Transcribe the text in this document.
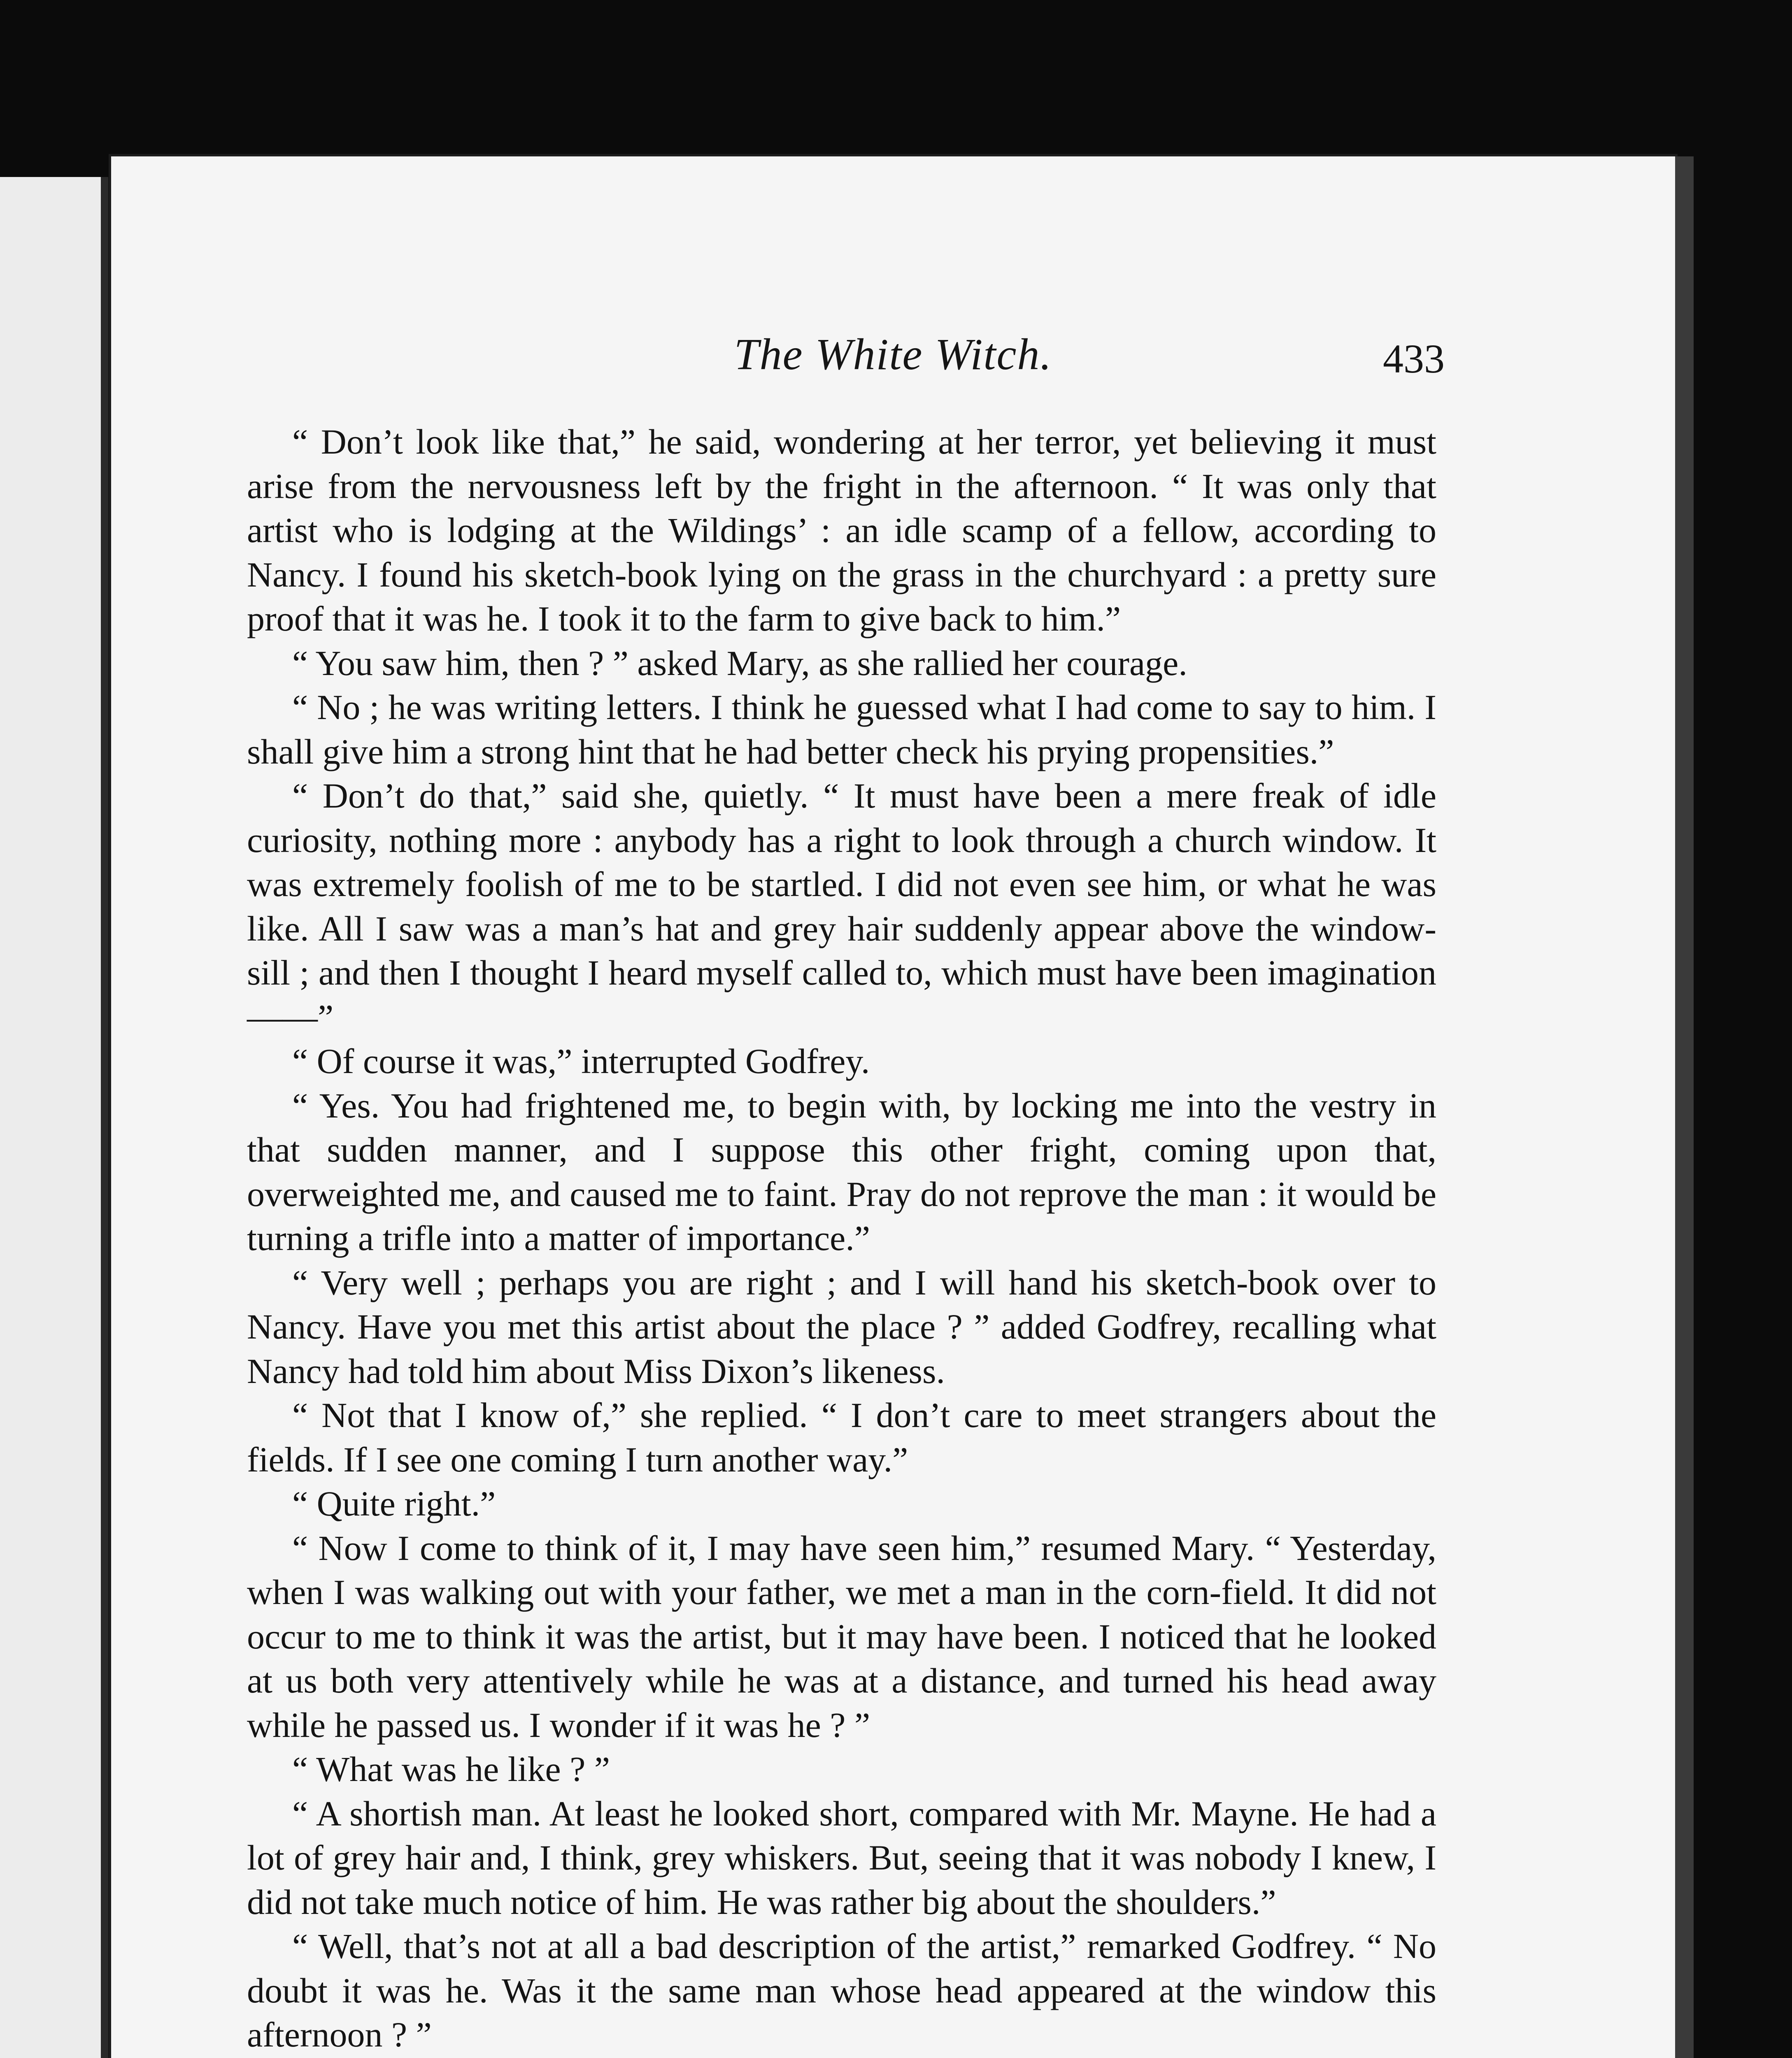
The White Witch.	433

“ Don’t look like that,” he said, wondering at her terror, yet believing it must arise from the nervousness left by the fright in the afternoon. “ It was only that artist who is lodging at the Wildings’ : an idle scamp of a fellow, according to Nancy. I found his sketch-book lying on the grass in the churchyard : a pretty sure proof that it was he. I took it to the farm to give back to him.”

“ You saw him, then ? ” asked Mary, as she rallied her courage.

“ No ; he was writing letters. I think he guessed what I had come to say to him. I shall give him a strong hint that he had better check his prying propensities.”

“ Don’t do that,” said she, quietly. “ It must have been a mere freak of idle curiosity, nothing more : anybody has a right to look through a church window. It was extremely foolish of me to be startled. I did not even see him, or what he was like. All I saw was a man’s hat and grey hair suddenly appear above the window-sill ; and then I thought I heard myself called to, which must have been imagination ——”

“ Of course it was,” interrupted Godfrey.

“ Yes. You had frightened me, to begin with, by locking me into the vestry in that sudden manner, and I suppose this other fright, coming upon that, overweighted me, and caused me to faint. Pray do not reprove the man : it would be turning a trifle into a matter of importance.”

“ Very well ; perhaps you are right ; and I will hand his sketch-book over to Nancy. Have you met this artist about the place ? ” added Godfrey, recalling what Nancy had told him about Miss Dixon’s likeness.

“ Not that I know of,” she replied. “ I don’t care to meet strangers about the fields. If I see one coming I turn another way.”

“ Quite right.”

“ Now I come to think of it, I may have seen him,” resumed Mary. “ Yesterday, when I was walking out with your father, we met a man in the corn-field. It did not occur to me to think it was the artist, but it may have been. I noticed that he looked at us both very attentively while he was at a distance, and turned his head away while he passed us. I wonder if it was he ? ”

“ What was he like ? ”

“ A shortish man. At least he looked short, compared with Mr. Mayne. He had a lot of grey hair and, I think, grey whiskers. But, seeing that it was nobody I knew, I did not take much notice of him. He was rather big about the shoulders.”

“ Well, that’s not at all a bad description of the artist,” remarked Godfrey. “ No doubt it was he. Was it the same man whose head appeared at the window this afternoon ? ”
